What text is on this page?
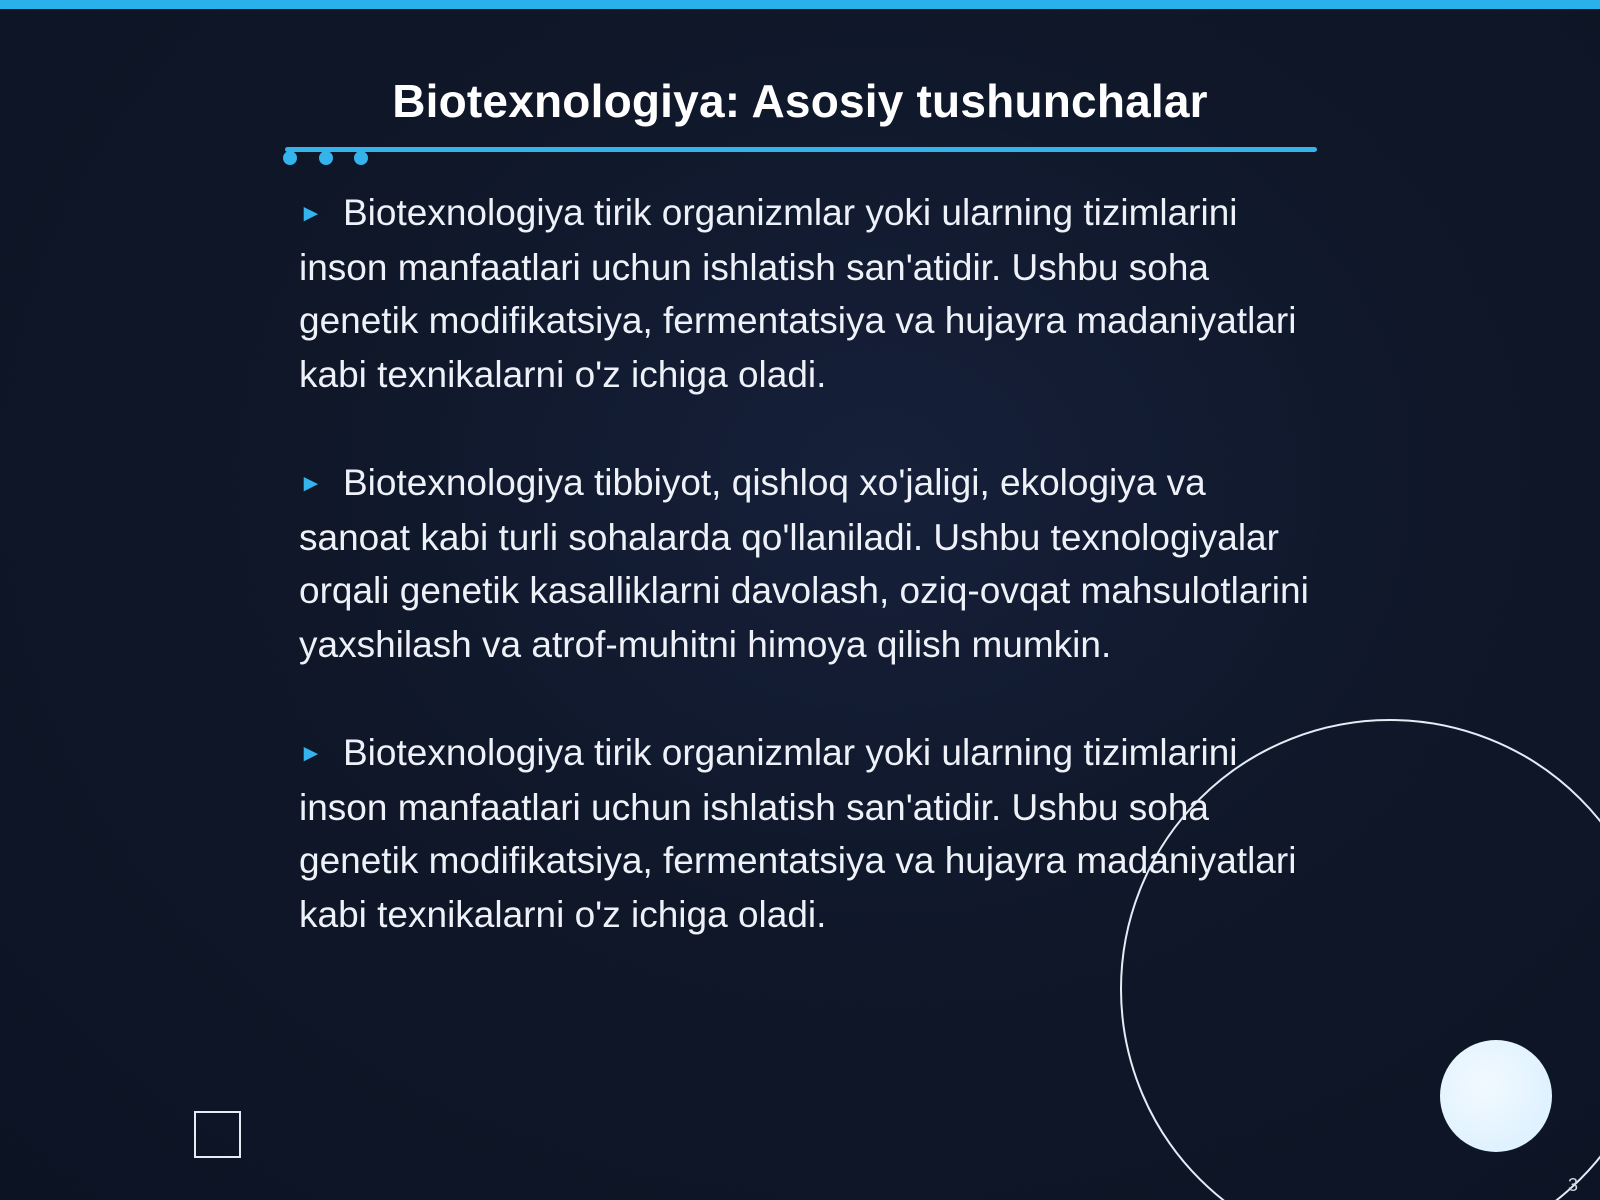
Biotexnologiya: Asosiy tushunchalar

► Biotexnologiya tirik organizmlar yoki ularning tizimlarini inson manfaatlari uchun ishlatish san'atidir. Ushbu soha genetik modifikatsiya, fermentatsiya va hujayra madaniyatlari kabi texnikalarni o'z ichiga oladi.

► Biotexnologiya tibbiyot, qishloq xo'jaligi, ekologiya va sanoat kabi turli sohalarda qo'llaniladi. Ushbu texnologiyalar orqali genetik kasalliklarni davolash, oziq-ovqat mahsulotlarini yaxshilash va atrof-muhitni himoya qilish mumkin.

► Biotexnologiya tirik organizmlar yoki ularning tizimlarini inson manfaatlari uchun ishlatish san'atidir. Ushbu soha genetik modifikatsiya, fermentatsiya va hujayra madaniyatlari kabi texnikalarni o'z ichiga oladi.

3
